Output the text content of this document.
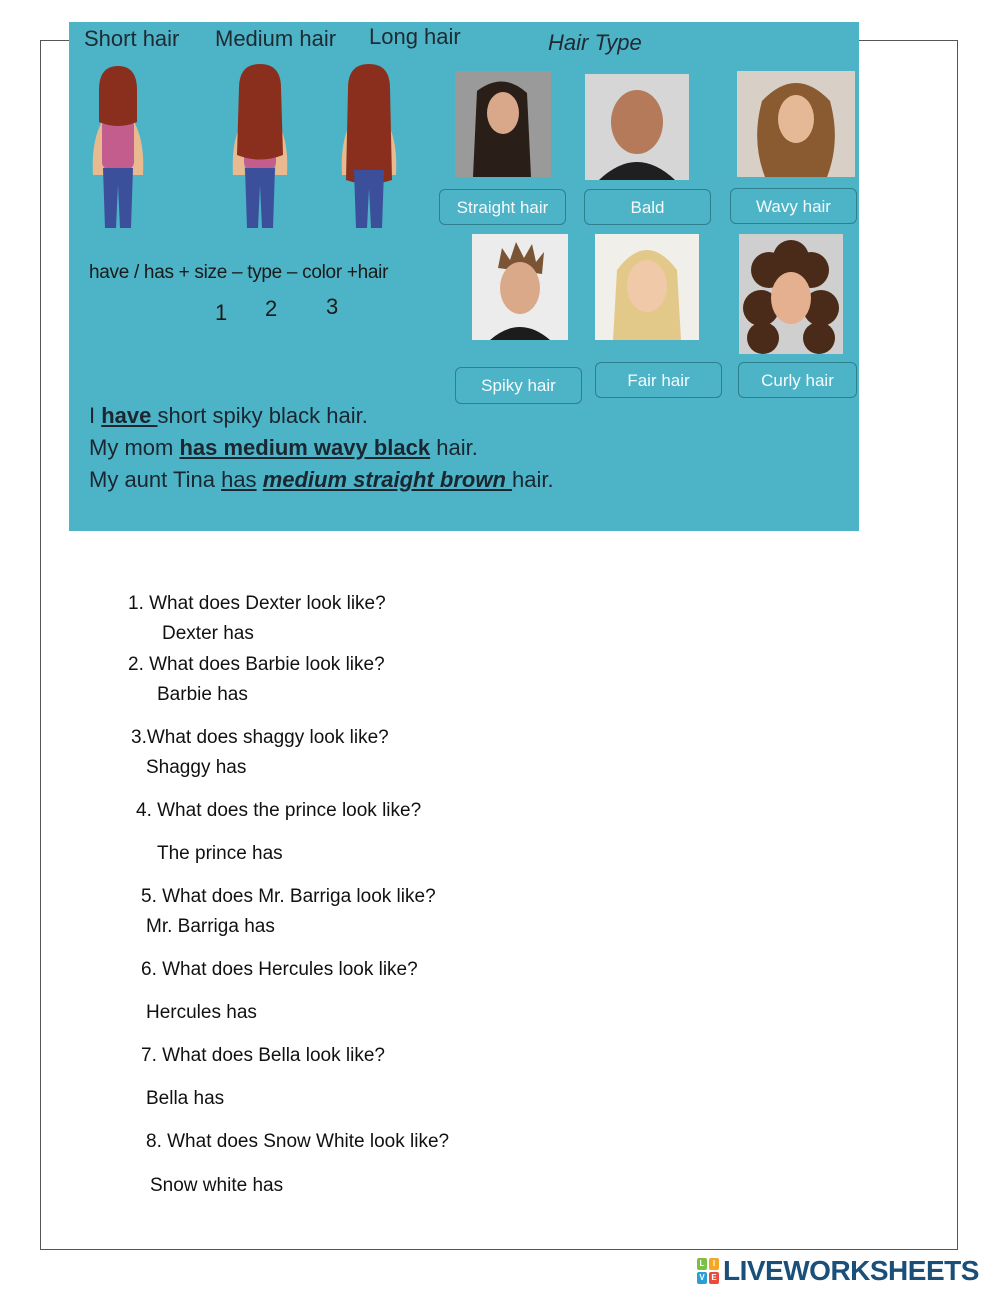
Short hair Medium hair Long hair	Hair Type
Straight hair	Bald	Wavy hair
have / has + size – type – color +hair
1 2 3
Spiky hair	Fair hair	Curly hair
I have short spiky black hair.
My mom has medium wavy black hair.
My aunt Tina has medium straight brown hair.
1. What does Dexter look like?
Dexter has
2. What does Barbie look like?
Barbie has
3.What does shaggy look like?
Shaggy has
4. What does the prince look like?
The prince has
5. What does Mr. Barriga look like?
Mr. Barriga has
6. What does Hercules look like?
Hercules has
7. What does Bella look like?
Bella has
8. What does Snow White look like?
Snow white has
L	I
V E LIVEWORKSHEETS
